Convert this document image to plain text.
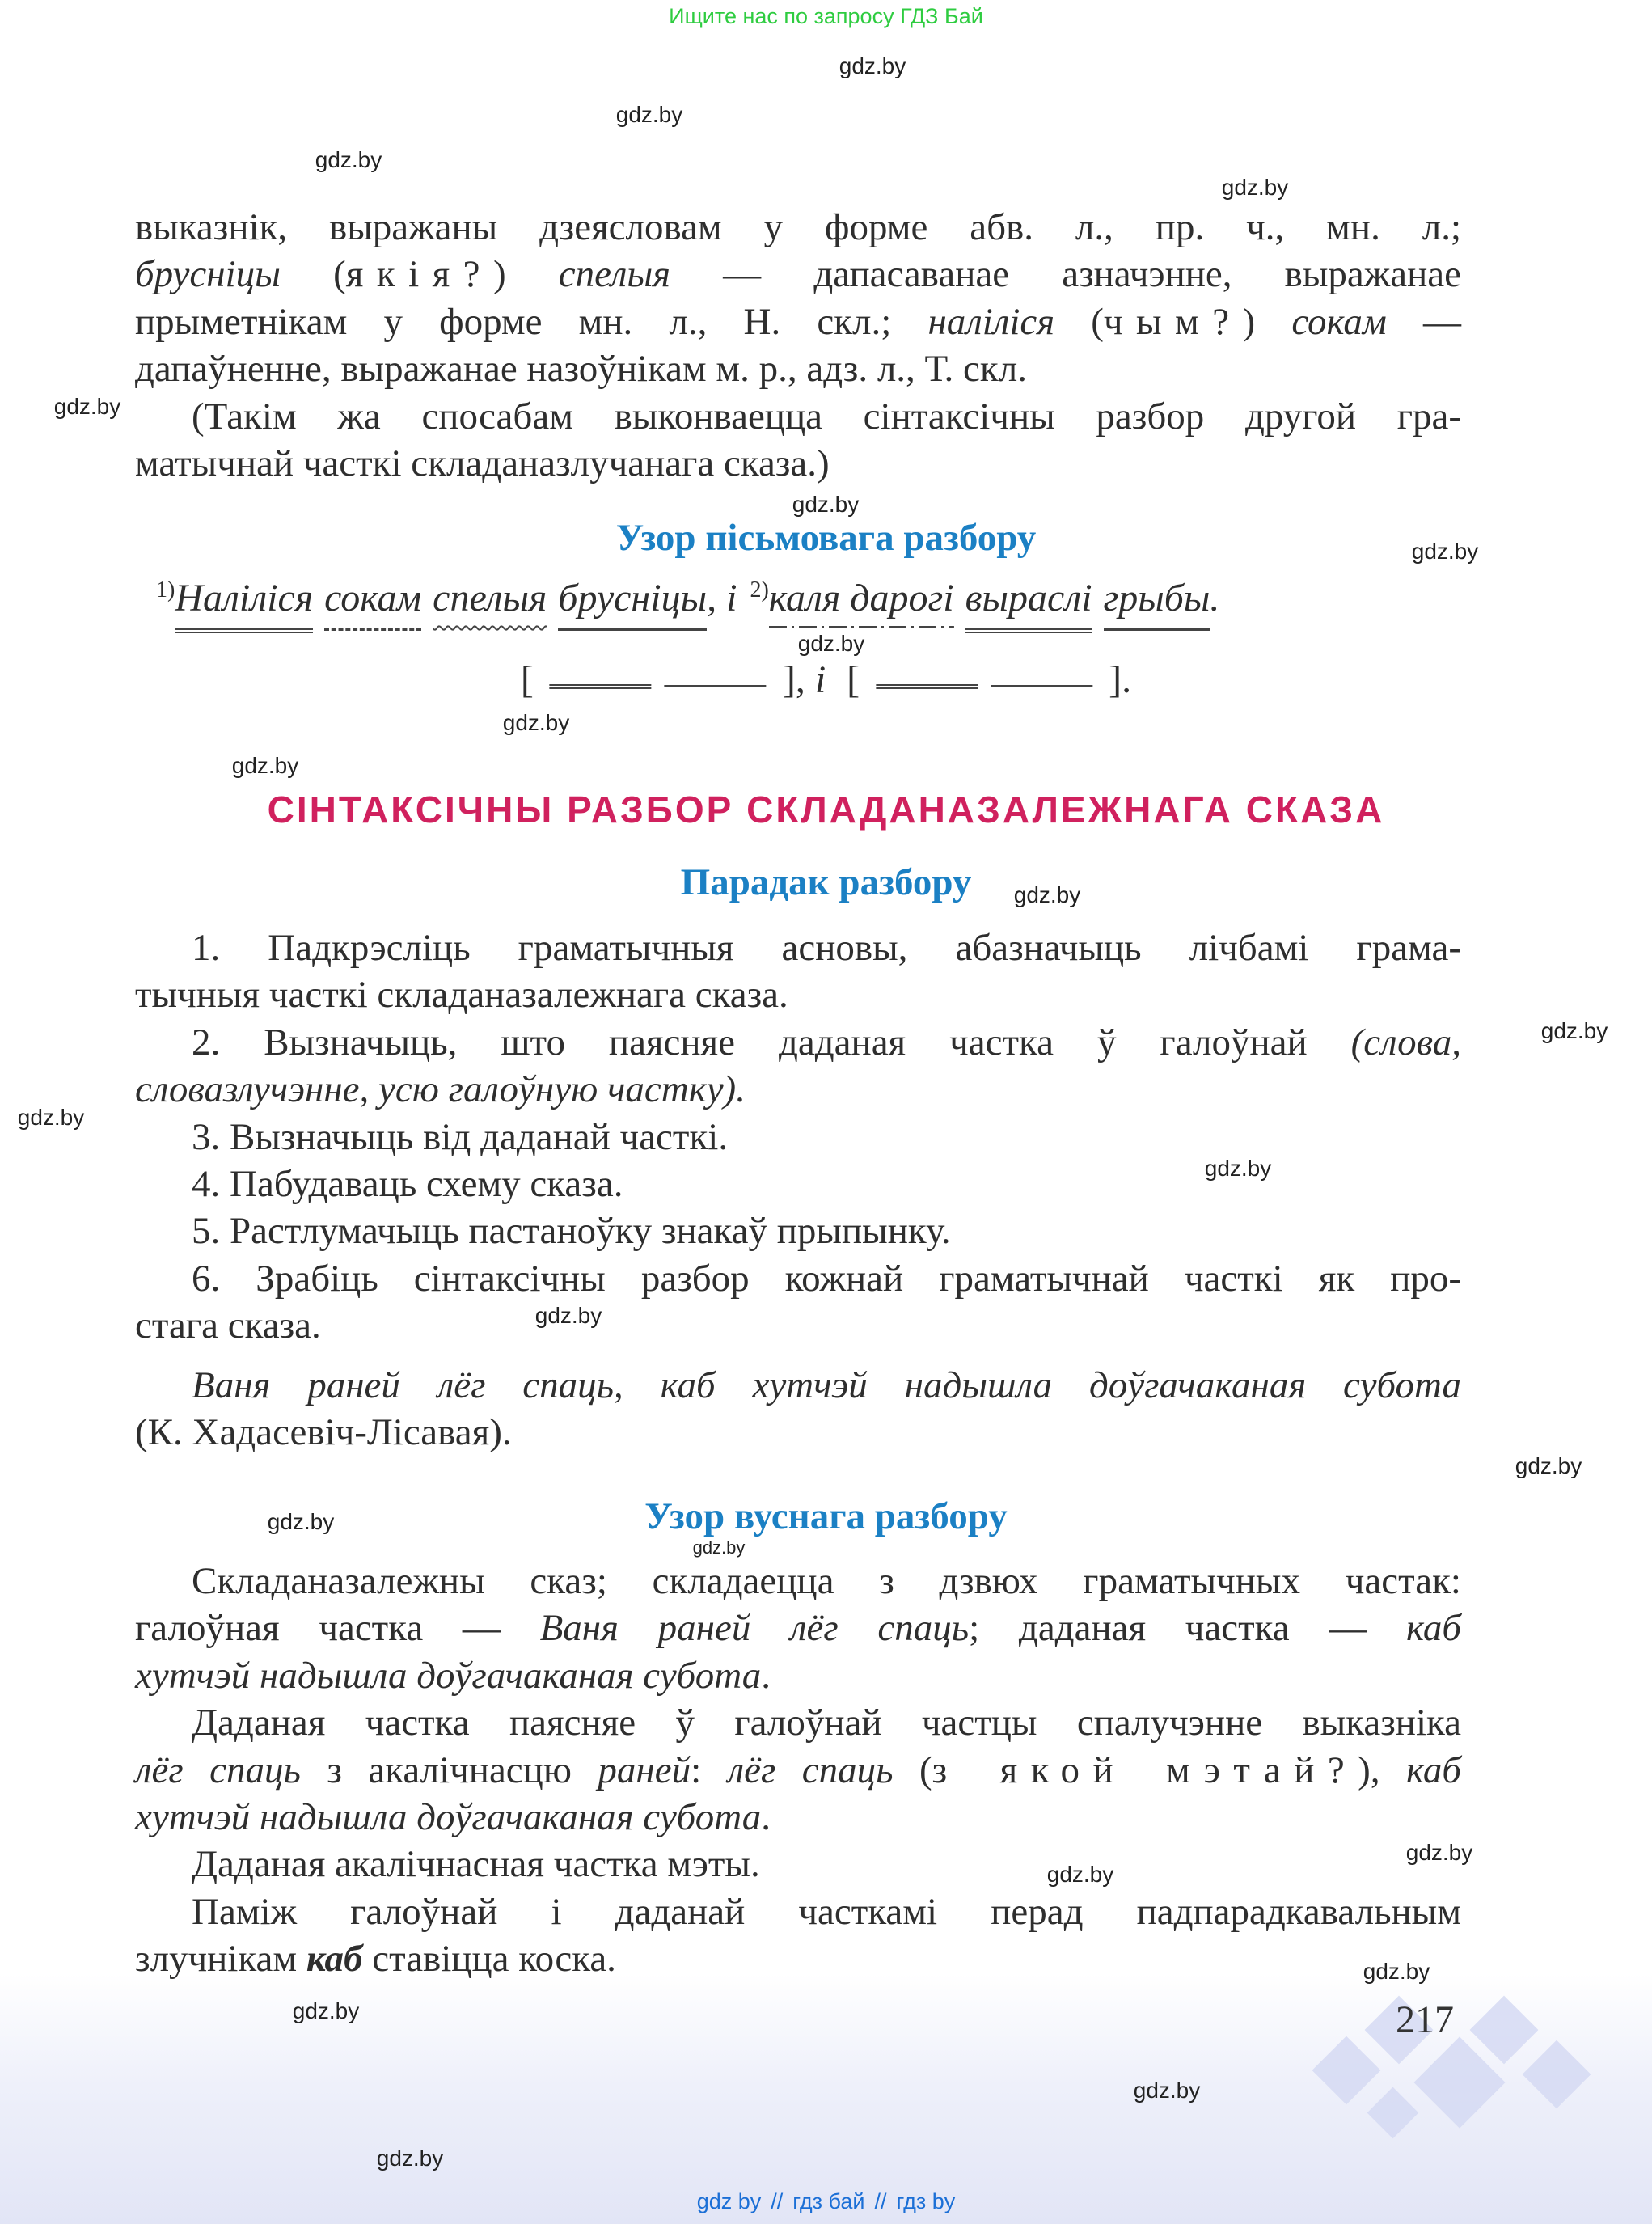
Ищите нас по запросу ГДЗ Бай
gdz.by
gdz.by
gdz.by
gdz.by
gdz.by
gdz.by
gdz.by
gdz.by
gdz.by
gdz.by
gdz.by
gdz.by
gdz.by
gdz.by
gdz.by
gdz.by
gdz.by
gdz.by
gdz.by
gdz.by
gdz.by
gdz.by
gdz.by
gdz.by
выказнік, выражаны дзеясловам у форме абв. л., пр. ч., мн. л.;
брусніцы (якія?) спелыя — дапасаванае азначэнне, выражанае
прыметнікам у форме мн. л., Н. скл.; наліліся (чым?) сокам —
дапаўненне, выражанае назоўнікам м. р., адз. л., Т. скл.
(Такім жа спосабам выконваецца сінтаксічны разбор другой гра-
матычнай часткі складаназлучанага сказа.)
Узор пісьмовага разбору
$^{1)}$Наліліся сокам спелыя брусніцы, і $^{2)}$каля дарогі выраслі грыбы.
[	], і [	].
СІНТАКСІЧНЫ РАЗБОР СКЛАДАНАЗАЛЕЖНАГА СКАЗА
Парадак разбору
1. Падкрэсліць граматычныя асновы, абазначыць лічбамі грама-
тычныя часткі складаназалежнага сказа.
2. Вызначыць, што паясняе даданая частка ў галоўнай (слова,
словазлучэнне, усю галоўную частку).
3. Вызначыць від даданай часткі.
4. Пабудаваць схему сказа.
5. Растлумачыць пастаноўку знакаў прыпынку.
6. Зрабіць сінтаксічны разбор кожнай граматычнай часткі як про-
стага сказа.
Ваня раней лёг спаць, каб хутчэй надышла доўгачаканая субота
(К. Хадасевіч-Лісавая).
Узор вуснага разбору
Складаназалежны сказ; складаецца з дзвюх граматычных частак:
галоўная частка — Ваня раней лёг спаць; даданая частка — каб
хутчэй надышла доўгачаканая субота.
Даданая частка паясняе ў галоўнай частцы спалучэнне выказніка
лёг спаць з акалічнасцю раней: лёг спаць (з якой мэтай?), каб
хутчэй надышла доўгачаканая субота.
Даданая акалічнасная частка мэты.
Паміж галоўнай і даданай часткамі перад падпарадкавальным
злучнікам каб ставіцца коска.
217
gdz by // гдз бай // гдз by
